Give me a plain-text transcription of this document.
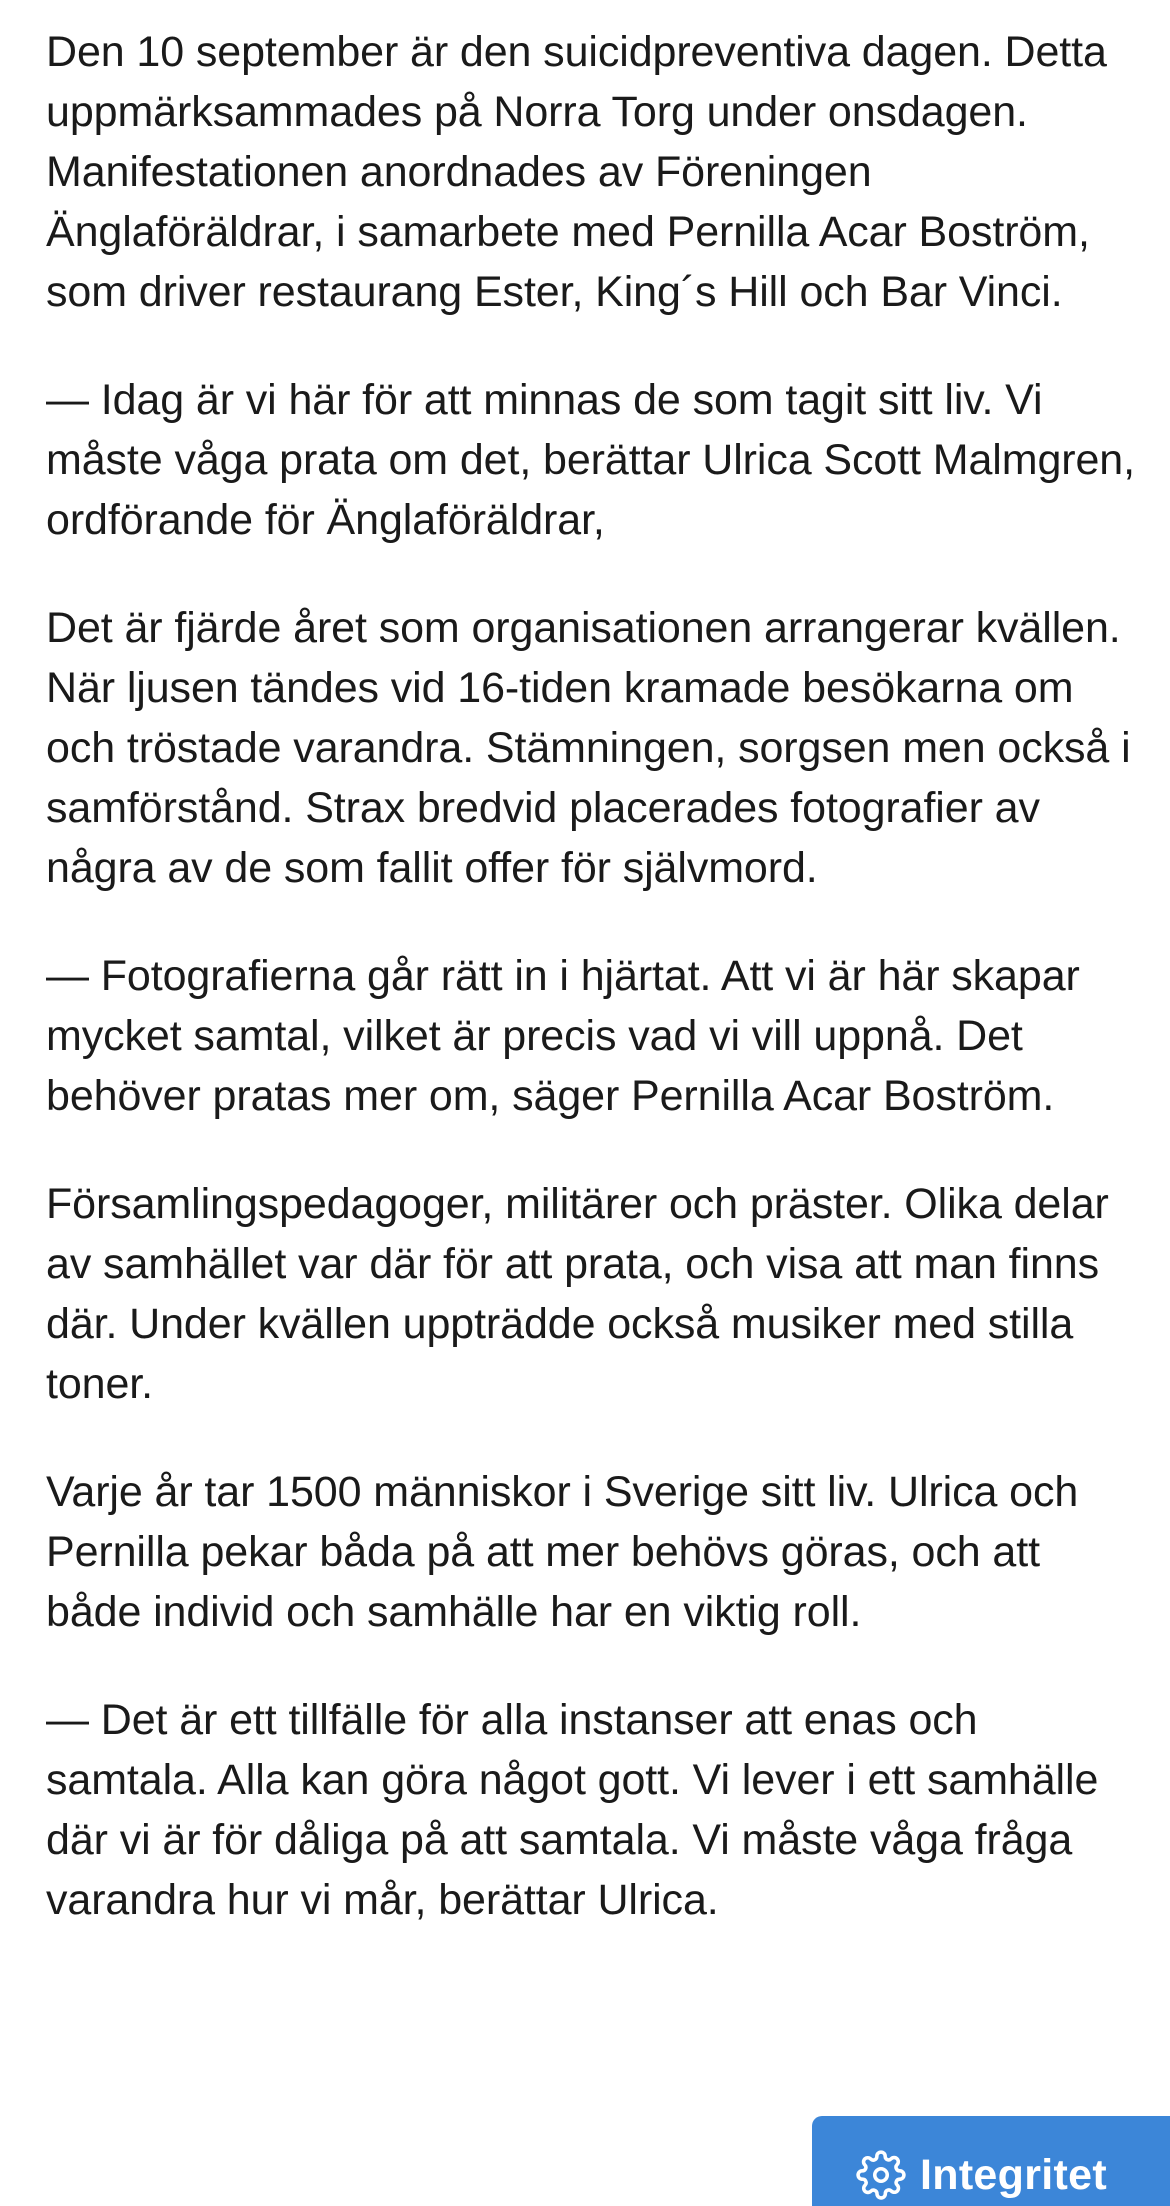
Den 10 september är den suicidpreventiva dagen. Detta uppmärksammades på Norra Torg under onsdagen. Manifestationen anordnades av Föreningen Änglaföräldrar, i samarbete med Pernilla Acar Boström, som driver restaurang Ester, King´s Hill och Bar Vinci.

— Idag är vi här för att minnas de som tagit sitt liv. Vi måste våga prata om det, berättar Ulrica Scott Malmgren, ordförande för Änglaföräldrar,

Det är fjärde året som organisationen arrangerar kvällen. När ljusen tändes vid 16-tiden kramade besökarna om och tröstade varandra. Stämningen, sorgsen men också i samförstånd. Strax bredvid placerades fotografier av några av de som fallit offer för självmord.

— Fotografierna går rätt in i hjärtat. Att vi är här skapar mycket samtal, vilket är precis vad vi vill uppnå. Det behöver pratas mer om, säger Pernilla Acar Boström.

Församlingspedagoger, militärer och präster. Olika delar av samhället var där för att prata, och visa att man finns där. Under kvällen uppträdde också musiker med stilla toner.

Varje år tar 1500 människor i Sverige sitt liv. Ulrica och Pernilla pekar båda på att mer behövs göras, och att både individ och samhälle har en viktig roll.

— Det är ett tillfälle för alla instanser att enas och samtala. Alla kan göra något gott. Vi lever i ett samhälle där vi är för dåliga på att samtala. Vi måste våga fråga varandra hur vi mår, berättar Ulrica.

Integritet
